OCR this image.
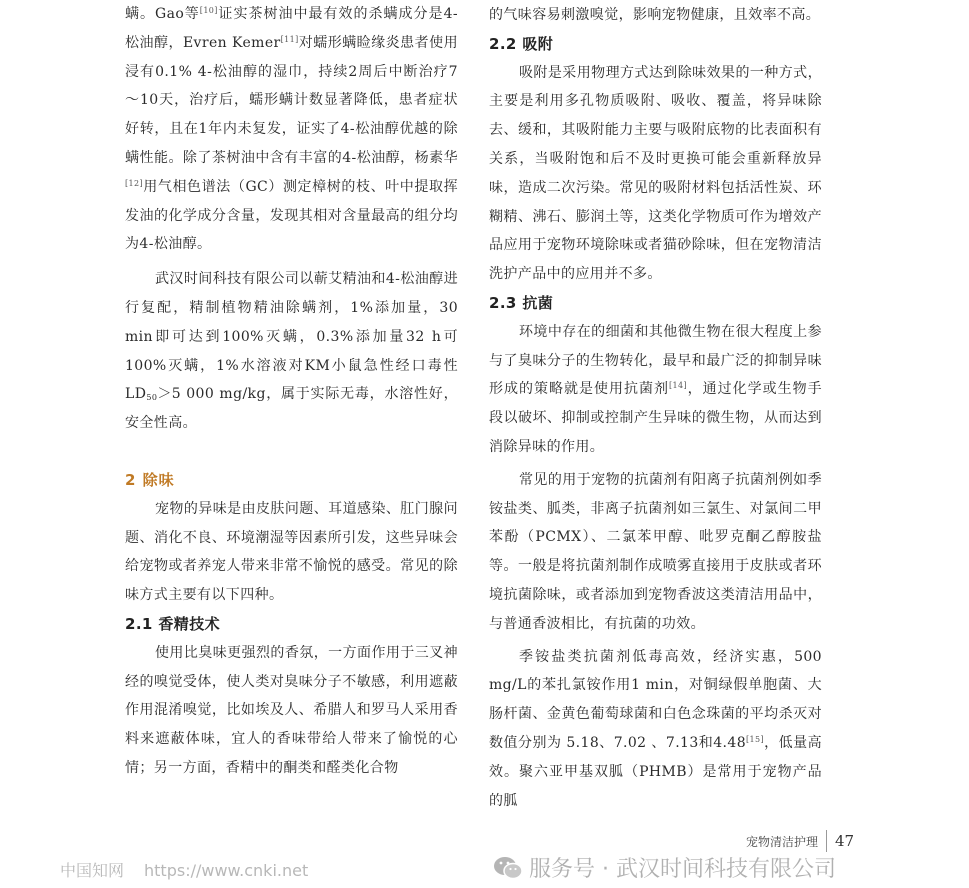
螨。Gao等[10]证实茶树油中最有效的杀螨成分是4-松油醇，Evren Kemer[11]对蠕形螨睑缘炎患者使用浸有0.1% 4-松油醇的湿巾，持续2周后中断治疗7～10天，治疗后，蠕形螨计数显著降低，患者症状好转，且在1年内未复发，证实了4-松油醇优越的除螨性能。除了茶树油中含有丰富的4-松油醇，杨素华[12]用气相色谱法（GC）测定樟树的枝、叶中提取挥发油的化学成分含量，发现其相对含量最高的组分均为4-松油醇。

武汉时间科技有限公司以蕲艾精油和4-松油醇进行复配，精制植物精油除螨剂，1%添加量，30 min即可达到100%灭螨，0.3%添加量32 h可100%灭螨，1%水溶液对KM小鼠急性经口毒性$LD_{50}>5$ 000 mg/kg，属于实际无毒，水溶性好，安全性高。

2 除味

宠物的异味是由皮肤问题、耳道感染、肛门腺问题、消化不良、环境潮湿等因素所引发，这些异味会给宠物或者养宠人带来非常不愉悦的感受。常见的除味方式主要有以下四种。

2.1 香精技术

使用比臭味更强烈的香氛，一方面作用于三叉神经的嗅觉受体，使人类对臭味分子不敏感，利用遮蔽作用混淆嗅觉，比如埃及人、希腊人和罗马人采用香料来遮蔽体味，宜人的香味带给人带来了愉悦的心情；另一方面，香精中的酮类和醛类化合物

的气味容易刺激嗅觉，影响宠物健康，且效率不高。

2.2 吸附

吸附是采用物理方式达到除味效果的一种方式，主要是利用多孔物质吸附、吸收、覆盖，将异味除去、缓和，其吸附能力主要与吸附底物的比表面积有关系，当吸附饱和后不及时更换可能会重新释放异味，造成二次污染。常见的吸附材料包括活性炭、环糊精、沸石、膨润土等，这类化学物质可作为增效产品应用于宠物环境除味或者猫砂除味，但在宠物清洁洗护产品中的应用并不多。

2.3 抗菌

环境中存在的细菌和其他微生物在很大程度上参与了臭味分子的生物转化，最早和最广泛的抑制异味形成的策略就是使用抗菌剂[14]，通过化学或生物手段以破坏、抑制或控制产生异味的微生物，从而达到消除异味的作用。

常见的用于宠物的抗菌剂有阳离子抗菌剂例如季铵盐类、胍类，非离子抗菌剂如三氯生、对氯间二甲苯酚（PCMX）、二氯苯甲醇、吡罗克酮乙醇胺盐等。一般是将抗菌剂制作成喷雾直接用于皮肤或者环境抗菌除味，或者添加到宠物香波这类清洁用品中，与普通香波相比，有抗菌的功效。

季铵盐类抗菌剂低毒高效，经济实惠，500 mg/L的苯扎氯铵作用1 min，对铜绿假单胞菌、大肠杆菌、金黄色葡萄球菌和白色念珠菌的平均杀灭对数值分别为 5.18、7.02 、7.13和4.48[15]，低量高效。聚六亚甲基双胍（PHMB）是常用于宠物产品的胍

宠物清洁护理 47
中国知网 https://www.cnki.net	服务号 · 武汉时间科技有限公司
